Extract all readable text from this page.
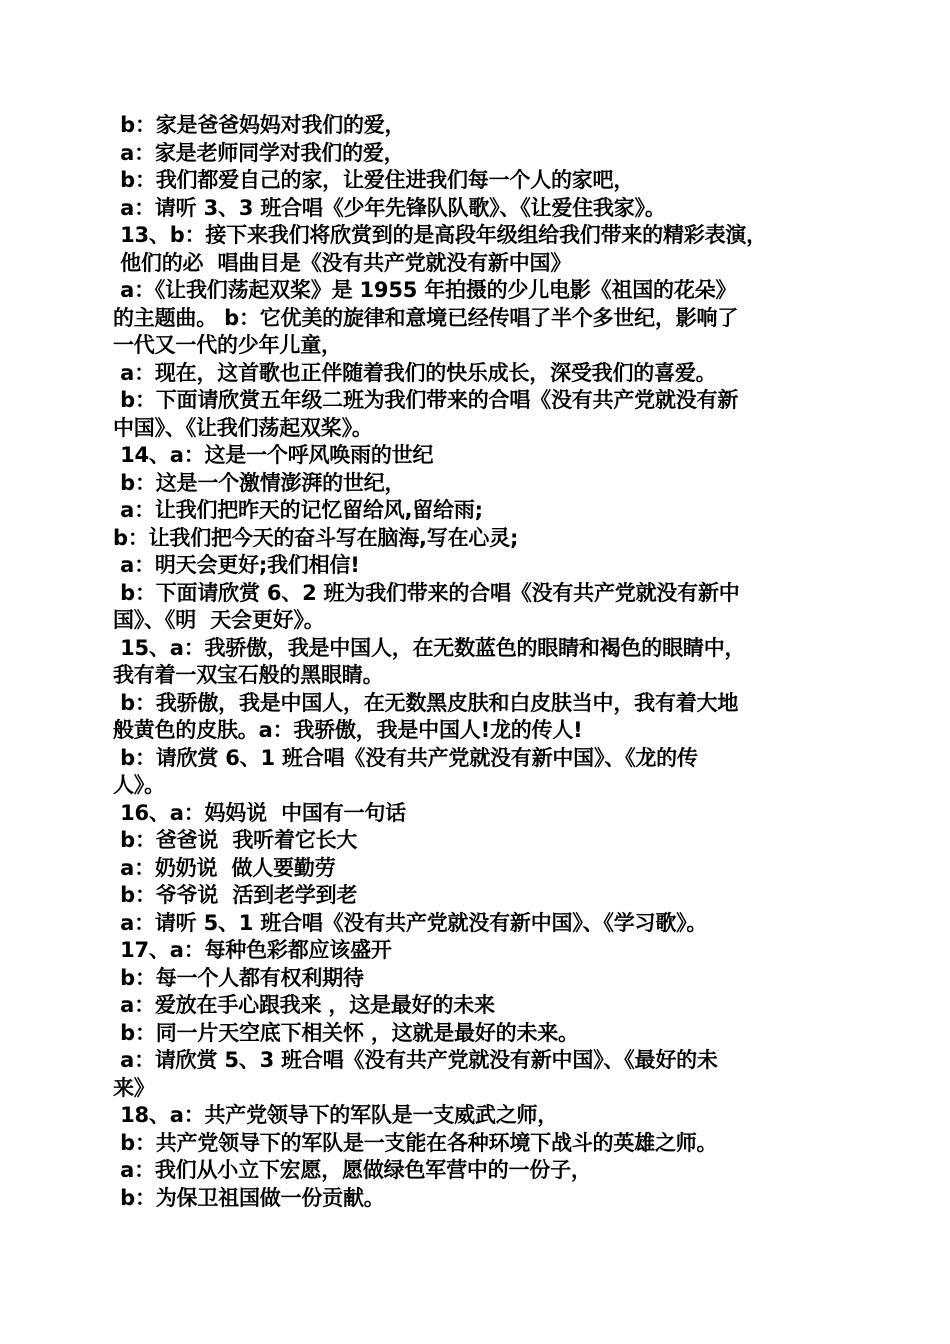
b：家是爸爸妈妈对我们的爱，
a：家是老师同学对我们的爱，
b：我们都爱自己的家，让爱住进我们每一个人的家吧，
a：请听 3、3 班合唱《少年先锋队队歌》、《让爱住我家》。
13、b：接下来我们将欣赏到的是高段年级组给我们带来的精彩表演，
他们的必  唱曲目是《没有共产党就没有新中国》
a：《让我们荡起双桨》是 1955 年拍摄的少儿电影《祖国的花朵》
的主题曲。 b：它优美的旋律和意境已经传唱了半个多世纪，影响了
一代又一代的少年儿童，
a：现在，这首歌也正伴随着我们的快乐成长，深受我们的喜爱。
b：下面请欣赏五年级二班为我们带来的合唱《没有共产党就没有新
中国》、《让我们荡起双桨》。
14、a：这是一个呼风唤雨的世纪
b：这是一个激情澎湃的世纪，
a：让我们把昨天的记忆留给风,留给雨;
b：让我们把今天的奋斗写在脑海,写在心灵;
a：明天会更好;我们相信!
b：下面请欣赏 6、2 班为我们带来的合唱《没有共产党就没有新中
国》、《明  天会更好》。
15、a：我骄傲，我是中国人，在无数蓝色的眼睛和褐色的眼睛中，
我有着一双宝石般的黑眼睛。
b：我骄傲，我是中国人，在无数黑皮肤和白皮肤当中，我有着大地
般黄色的皮肤。a：我骄傲，我是中国人!龙的传人!
b：请欣赏 6、1 班合唱《没有共产党就没有新中国》、《龙的传
人》。
16、a：妈妈说  中国有一句话
b：爸爸说  我听着它长大
a：奶奶说  做人要勤劳
b：爷爷说  活到老学到老
a：请听 5、1 班合唱《没有共产党就没有新中国》、《学习歌》。
17、a：每种色彩都应该盛开
b：每一个人都有权利期待
a：爱放在手心跟我来 ，这是最好的未来
b：同一片天空底下相关怀 ，这就是最好的未来。
a：请欣赏 5、3 班合唱《没有共产党就没有新中国》、《最好的未
来》
18、a：共产党领导下的军队是一支威武之师，
b：共产党领导下的军队是一支能在各种环境下战斗的英雄之师。
a：我们从小立下宏愿，愿做绿色军营中的一份子，
b：为保卫祖国做一份贡献。
